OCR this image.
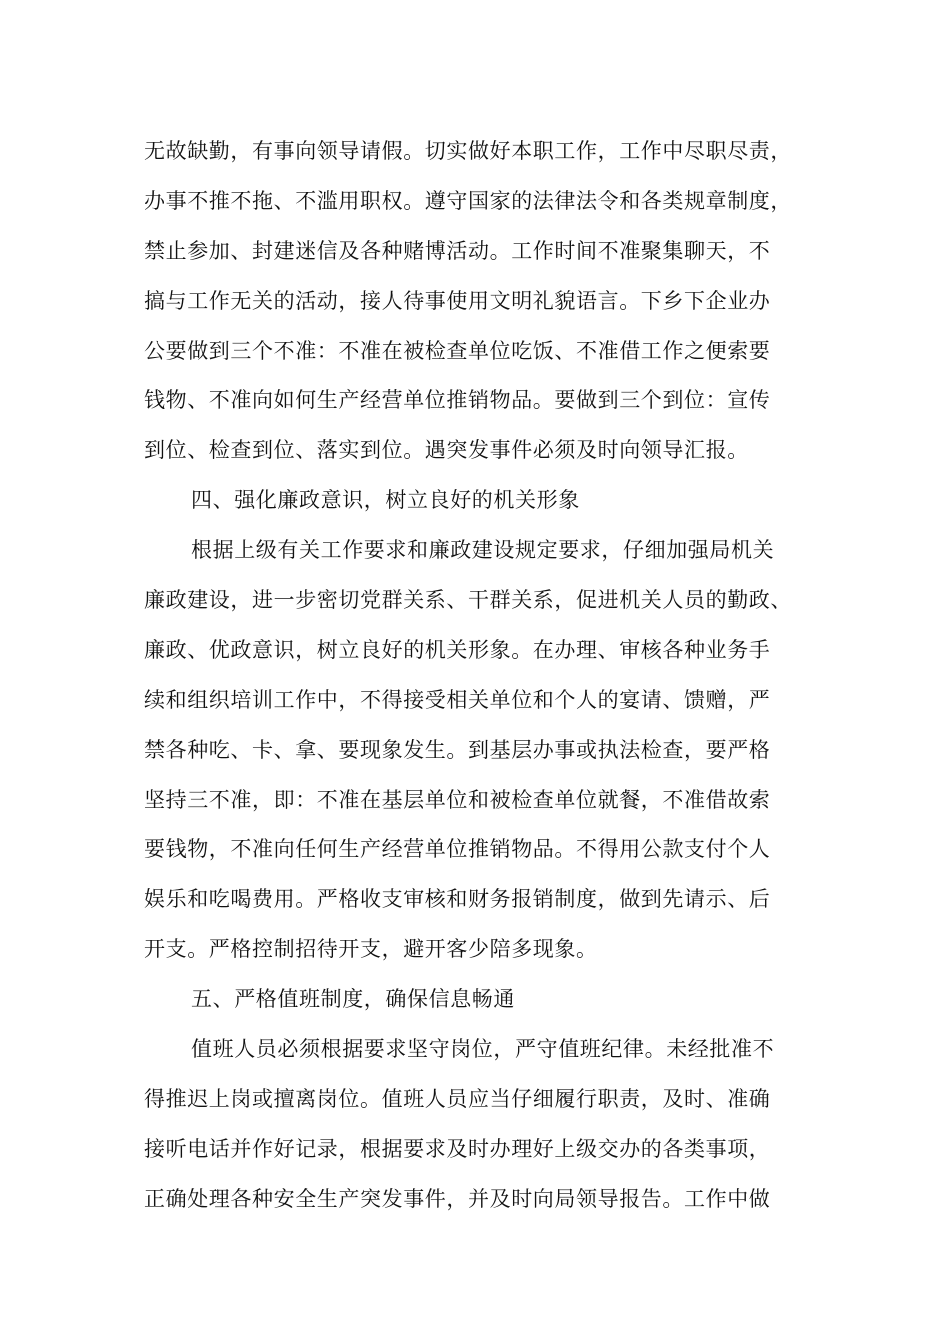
无故缺勤，有事向领导请假。切实做好本职工作，工作中尽职尽责，
办事不推不拖、不滥用职权。遵守国家的法律法令和各类规章制度，
禁止参加、封建迷信及各种赌博活动。工作时间不准聚集聊天，不
搞与工作无关的活动，接人待事使用文明礼貌语言。下乡下企业办
公要做到三个不准：不准在被检查单位吃饭、不准借工作之便索要
钱物、不准向如何生产经营单位推销物品。要做到三个到位：宣传
到位、检查到位、落实到位。遇突发事件必须及时向领导汇报。
四、强化廉政意识，树立良好的机关形象
根据上级有关工作要求和廉政建设规定要求，仔细加强局机关
廉政建设，进一步密切党群关系、干群关系，促进机关人员的勤政、
廉政、优政意识，树立良好的机关形象。在办理、审核各种业务手
续和组织培训工作中，不得接受相关单位和个人的宴请、馈赠，严
禁各种吃、卡、拿、要现象发生。到基层办事或执法检查，要严格
坚持三不准，即：不准在基层单位和被检查单位就餐，不准借故索
要钱物，不准向任何生产经营单位推销物品。不得用公款支付个人
娱乐和吃喝费用。严格收支审核和财务报销制度，做到先请示、后
开支。严格控制招待开支，避开客少陪多现象。
五、严格值班制度，确保信息畅通
值班人员必须根据要求坚守岗位，严守值班纪律。未经批准不
得推迟上岗或擅离岗位。值班人员应当仔细履行职责，及时、准确
接听电话并作好记录，根据要求及时办理好上级交办的各类事项，
正确处理各种安全生产突发事件，并及时向局领导报告。工作中做
